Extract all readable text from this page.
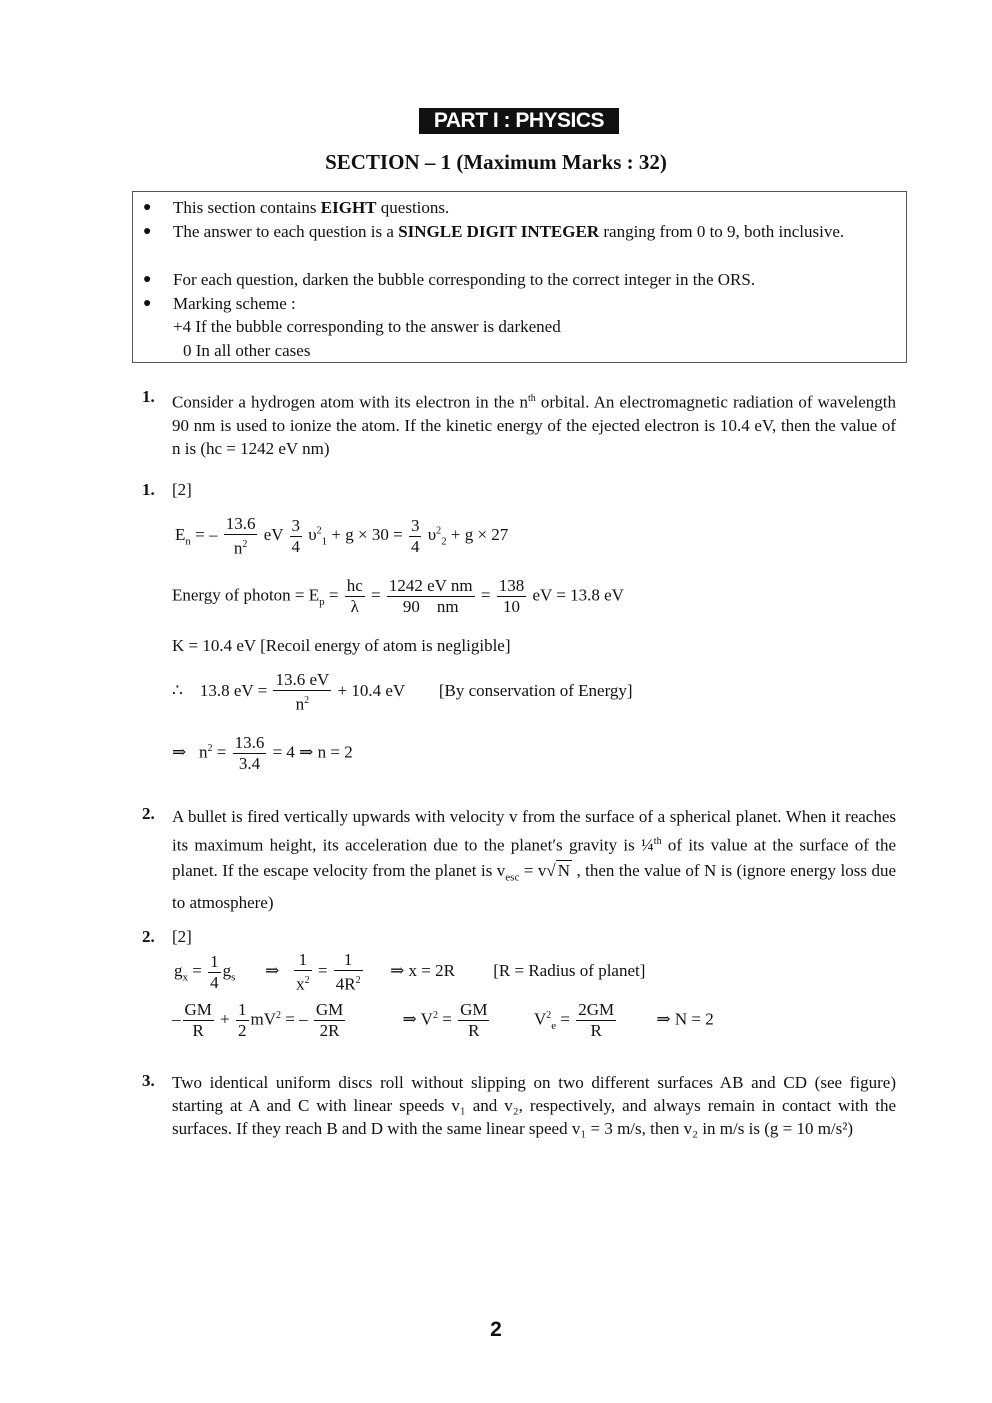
PART I : PHYSICS
SECTION – 1 (Maximum Marks : 32)
● This section contains EIGHT questions.
● The answer to each question is a SINGLE DIGIT INTEGER ranging from 0 to 9, both inclusive.
● For each question, darken the bubble corresponding to the correct integer in the ORS.
● Marking scheme :
+4 If the bubble corresponding to the answer is darkened
0 In all other cases
1. Consider a hydrogen atom with its electron in the $n^{th}$ orbital. An electromagnetic radiation of wavelength 90 nm is used to ionize the atom. If the kinetic energy of the ejected electron is 10.4 eV, then the value of n is (hc = 1242 eV nm)
1. [2]
$E_n$ = – $\frac{13.6}{n^2}$ eV $\frac{3}{4} \upsilon^2_1 + g \times 30 = \frac{3}{4} \upsilon^2_2 + g \times 27$
Energy of photon = $E_p = \frac{hc}{\lambda} = \frac{\text{1242 eV nm}}{90 nm} = \frac{138}{10}$ eV = 13.8 eV
K = 10.4 eV [Recoil energy of atom is negligible]
∴ 13.8 eV = $\frac{13.6 eV}{n^2} + 10.4$ eV [By conservation of Energy]
⇒ $n^2 = \frac{13.6}{3.4} = 4$ ⇒ n = 2
2. A bullet is fired vertically upwards with velocity v from the surface of a spherical planet. When it reaches its maximum height, its acceleration due to the planet′s gravity is ¼$^{th}$ of its value at the surface of the planet. If the escape velocity from the planet is $v_{esc} = v√$ N , then the value of N is (ignore energy loss due to atmosphere)
2. [2]
$g_x = \frac{1}{4} g_s$ ⇒ $\frac{1}{x^2} = \frac{1}{4R^2}$ ⇒ x = 2R [R = Radius of planet]
– $\frac{GM}{R} + \frac{1}{2} mV^2$ = – $\frac{GM}{2R}$	⇒ $V^2 = \frac{GM}{R}$	$V^2_e = \frac{2GM}{R}$ ⇒ N = 2
3. Two identical uniform discs roll without slipping on two different surfaces AB and CD (see figure) starting at A and C with linear speeds v₁ and v₂, respectively, and always remain in contact with the surfaces. If they reach B and D with the same linear speed v₁ = 3 m/s, then v₂ in m/s is (g = 10 m/s²)
2
